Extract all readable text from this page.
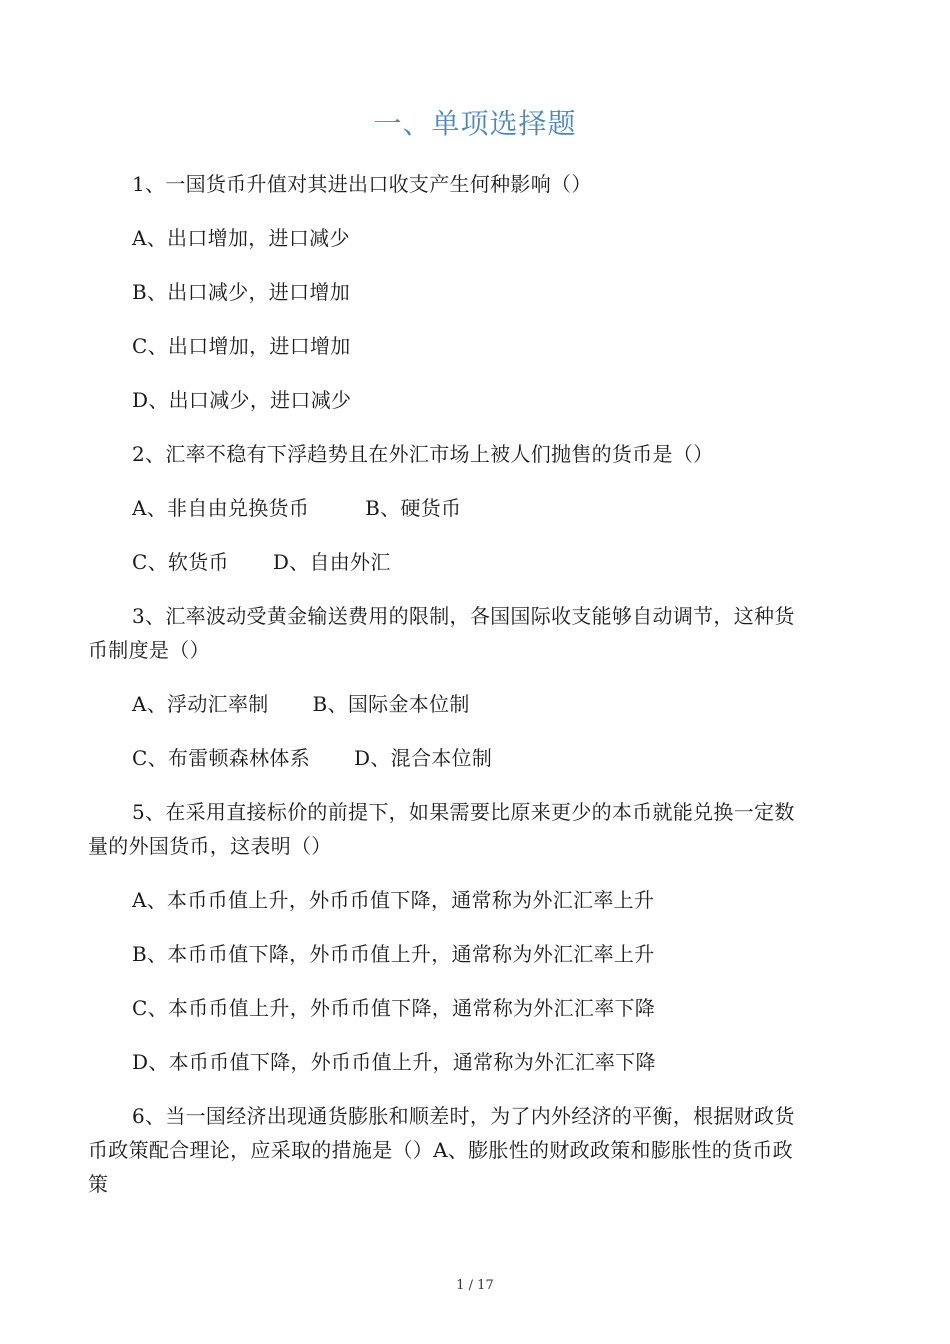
一、单项选择题
1、一国货币升值对其进出口收支产生何种影响（）
A、出口增加，进口减少
B、出口减少，进口增加
C、出口增加，进口增加
D、出口减少，进口减少
2、汇率不稳有下浮趋势且在外汇市场上被人们抛售的货币是（）
A、非自由兑换货币	B、硬货币
C、软货币 D、自由外汇
3、汇率波动受黄金输送费用的限制，各国国际收支能够自动调节，这种货
币制度是（）
A、浮动汇率制 B、国际金本位制
C、布雷顿森林体系 D、混合本位制
5、在采用直接标价的前提下，如果需要比原来更少的本币就能兑换一定数
量的外国货币，这表明（）
A、本币币值上升，外币币值下降，通常称为外汇汇率上升
B、本币币值下降，外币币值上升，通常称为外汇汇率上升
C、本币币值上升，外币币值下降，通常称为外汇汇率下降
D、本币币值下降，外币币值上升，通常称为外汇汇率下降
6、当一国经济出现通货膨胀和顺差时，为了内外经济的平衡，根据财政货
币政策配合理论，应采取的措施是（）A、膨胀性的财政政策和膨胀性的货币政
策
1 / 17
